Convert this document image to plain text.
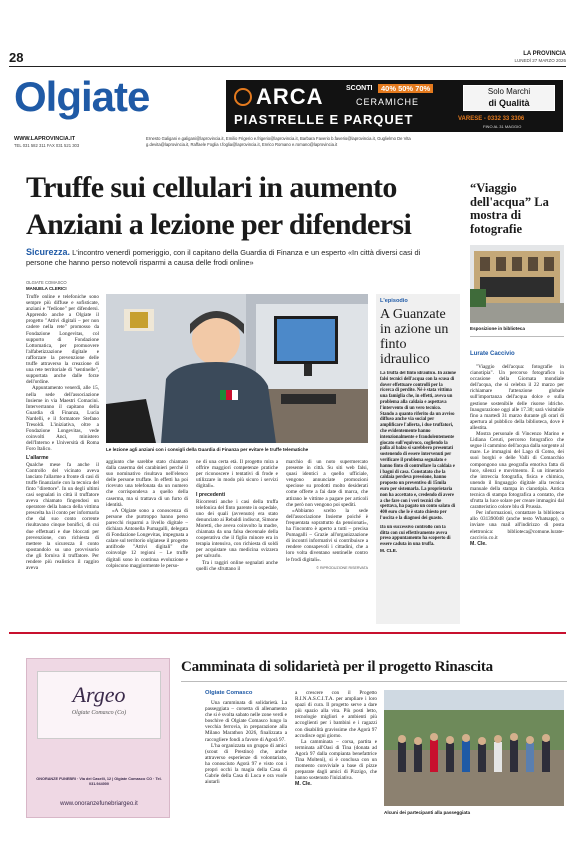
28	LA PROVINCIA
LUNEDÌ 27 MARZO 2026
Olgiate
WWW.LAPROVINCIA.IT
TEL 031 582 311 FAX 031 521 303
Ernesto Galigani e.galigani@laprovincia.it, Emilio Frigerio e.frigerio@laprovincia.it, Barbara Faverio b.faverio@laprovincia.it, Guglielmo De Vita g.devita@laprovincia.it, Raffaele Foglia r.foglia@laprovincia.it, Enrico Romano e.romano@laprovincia.it
ARCA	SCONTI	40% 50% 70%
CERAMICHE
PIASTRELLE E PARQUET
Solo Marchi
di Qualità
VARESE - 0332 33 3306
FINO AL 31 MAGGIO
Truffe sui cellulari in aumento
Anziani a lezione per difendersi
Sicurezza. L'incontro venerdì pomeriggio, con il capitano della Guardia di Finanza e un esperto «In città diversi casi di persone che hanno perso notevoli risparmi a causa delle frodi online»
OLGIATE COMASCO
MANUELA CLERICI

Truffe online e telefoniche sono sempre più diffuse e sofisticate, anziani e "fedione" per difendersi. Apprendo anche a Olgiate il progetto "Attivi digitali – per non cadere nella rete" promosso da Fondazione Longevitas, col supporto di Fondazione Lottomatica, per promuovere l'alfabetizzazione digitale e rafforzare la prevenzione delle truffe attraverso la creazione di una rete territoriale di "sentinelle", supportata anche dalle forze dell'ordine.

Appuntamento venerdì, alle 15, nella sede dell'associazione Insieme in via Maestri Comacini. Interverranno il capitano della Guardia di Finanza, Lucia Nardelli, e il formatore Stefano Tresoldi. L'iniziativa, oltre a Fondazione Longevitas, vede coinvolti Anci, ministero dell'Interno e Università di Roma Foro Italico.

L'allarme

Qualche mese fa anche il Controllo del vicinato aveva lanciato l'allarme a fronte di casi di truffe finanziarie con la tecnica del finto "direttore". In un degli ultimi casi segnalati in città il truffatore aveva chiamato fingendosi un operatore della banca della vittima prescelta ha il conto per informarla che dal suo conto corrente risultavano cinque bonifici, di cui due effettuati e due bloccati per prevenzione, con richiesta di mettere la sicurezza il conto spostandolo su uno provvisorio che gli forniva il truffatore. Per rendere più realistico il raggiro aveva

Le lezione agli anziani con i consigli della Guardia di Finanza per evitare le truffe telematiche

aggiunto che sarebbe stato chiamato dalla caserma del carabinieri perché il suo nominativo risultava nell'elenco delle persone truffate. In effetti ha poi ricevuto una telefonata da un numero che corrispondeva a quello della caserma, ma si trattava di un furto di identità.

«A Olgiate sono a conoscenza di persone che purtroppo hanno perso parecchi risparmi a livello digitale – dichiara Antonella Pumagalli, delegata di Fondazione Longevitas, impegnata a calare sul territorio olgiatese il progetto antifrode "Attivi digitali" che coinvolge 12 regioni – Le truffe digitali sono in continua evoluzione e colpiscono maggiormente le perso-

ne di una certa età. Il progetto mira a offrire maggiori competenze pratiche per riconoscere i tentativi di frode e utilizzare in modo più sicuro i servizi digitali».

I precedenti

Ricorrenti anche i casi della truffa telefonica del finto parente in ospedale, uno dei quali (avvenuto) era stato denunciato ai Rebaldi indiscut, Simone Moretti, che aveva coinvolto la madre, chiamata da una falsa decennale della cooperativa che il figlio minore era in terapia intensiva, con richiesta di soldi per acquistare una medicina svizzera per salvarlo.

Tra i raggiri online segnalati anche quelli che sfruttano il

marchio di un noto supermercato presente in città. Su siti web falsi, quasi identici a quello ufficiale, vengono annunciate promozioni speciose su prodotti molto desiderati come offerte a fai date di marca, che attirano le vittime a pagare per articoli che però non vengono poi spediti.

«Abbiamo scelto la sede dell'associazione Insieme poiché è frequentata soprattutto da pensionati», ha l'incontro è aperto a tutti – precisa Pumagalli – Grazie all'organizzazione di incontri informativi si contribuisce a rendere consapevoli i cittadini, che a loro volta diventano sentinelle contro le frodi digitali».

© RIPRODUZIONE RISERVATA

L'episodio
A Guanzate in azione un finto idraulico
La truffa del finto idraulico. In azione falsi tecnici dell'acqua con la scusa di dover effettuare controlli per la ricerca di perdite. Né è stata vittima una famiglia che, in effetti, aveva un problema alla caldaia e aspettava l'intervento di un vero tecnico. Stando a quanto riferito da un avviso diffuso anche via social per amplificare l'allerta, i due truffatori, che evidentemente hanno intenzionalmente e fraudolentemente giocato sull'equivoco, cogliendo la palla al balzo si sarebbero presentati sostenendo di essere intervenuti per verificare il problema segnalato e hanno finto di controllare la caldaia e i bagni di casa. Constatato che la caldaia perdeva pressione, hanno proposto un preventivo di 15mila euro per sistemarla. La proprietaria non ha accettato e, credendo di avere a che fare con i veri tecnici che spettava, ha pagato un conto salato di 400 euro che le è stato chiesto per l'uscita e la diagnosi dei guasto.
Da un successivo controllo con la ditta con cui effettivamente aveva preso appuntamento ha scoperto di essere caduta in una truffa.
M. CLE.
“Viaggio dell'acqua” La mostra di fotografie
Esposizione in biblioteca
Lurate Caccivio

"Viaggio dell'acqua: fotografie in cianotipia". Un percorso fotografico in occasione della Giornata mondiale dell'acqua, che si celebra il 22 marzo per richiamare l'attenzione globale sull'importanza dell'acqua dolce e sulla gestione sostenibile delle risorse idriche. Inaugurazione oggi alle 17.30; sarà visitabile fino a martedì 31 marzo durante gli orari di apertura al pubblico della biblioteca, dove è allestita.

Mostra personale di Vincenzo Marino e Lidiana Ceruti, percorso fotografico che segue il cammino dell'acqua dalla sorgente al mare. Le immagini del Lago di Como, dei suoi borghi e delle Valli di Comacchio compongono una geografia emotiva fatta di luce, silenzi e movimento. È un itinerario che intreccia fotografia, fisica e chimica, unendo il linguaggio digitale alla tecnica manuale della stampa in cianotipia. Antica tecnica di stampa fotografica a contatto, che sfrutta la luce solare per creare immagini dal caratteristico colore blu di Prussia.

Per informazioni, contattare la biblioteca allo 031390048 (anche testo Whatsapp), o inviare una mail all'indirizzo di posta elettronica: biblioteca@comune.lurate-caccivio.co.it

M. Cle.

Argeo
Olgiate Comasco (Co)
ONORANZE FUNEBRI · Via dei Caselli, 12 | Olgiate Comasco CO · Tel. 031.944000
www.onoranzefunebriargeo.it
Camminata di solidarietà per il progetto Rinascita
Olgiate Comasco

Una camminata di solidarietà. La passeggiata – corsetta di allenamento che si è svolta sabato nelle zone verdi e boschive di Olgiate Comasco lungo la vecchia ferrovia, in preparazione alla Milano Marathon 2026, finalizzata a raccogliere fondi a favore di Agorà 97.

L'ha organizzata un gruppo di amici (scout di Prestino) che, anche attraverso esperienze di volontariato, ha conosciuto Agorà 97 e visto con i propri occhi la magia della Casa di Gabrie della Casa di Luca e ora vuole aiutarli

a crescere con il Progetto R.I.N.A.S.C.I.T.A. per ampliare i loro spazi di cura. Il progetto serve a dare più spazio alla vita. Più posti letto, tecnologie migliori e ambienti più accoglienti per i bambini e i ragazzi con disabilità gravissime che Agorà 97 accudisce ogni giorno.

La camminata – corsa, partita e terminata all'Oasi di Tina (donata ad Agorà 97 dalla compianta benefattrice Tina Molteni), si è conclusa con un momento conviviale a base di pizze preparate dagli amici di Pizzigo, che hanno sostenuto l'iniziativa.

M. Cle.

Alcuni dei partecipanti alla passeggiata
